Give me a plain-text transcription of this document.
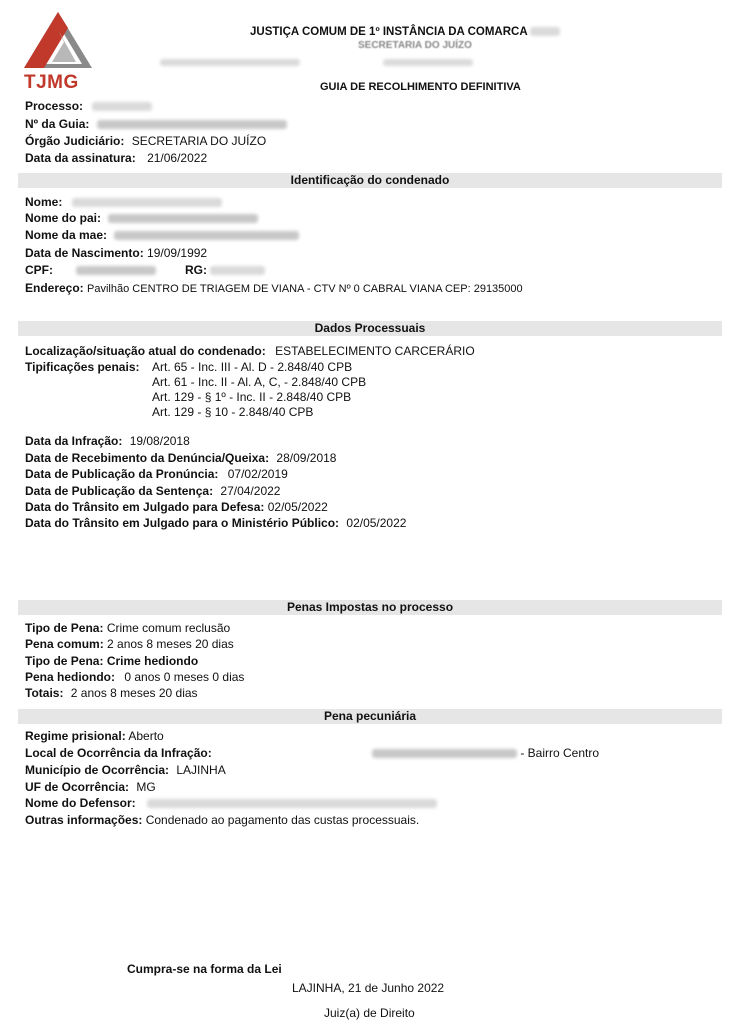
TJMG
JUSTIÇA COMUM DE 1º INSTÂNCIA DA COMARCA
SECRETARIA DO JUÍZO

GUIA DE RECOLHIMENTO DEFINITIVA
Processo:
Nº da Guia:
Órgão Judiciário: SECRETARIA DO JUÍZO
Data da assinatura: 21/06/2022
Identificação do condenado
Nome:
Nome do pai:
Nome da mae:
Data de Nascimento: 19/09/1992
CPF:	RG:
Endereço: Pavilhão CENTRO DE TRIAGEM DE VIANA - CTV Nº 0 CABRAL VIANA CEP: 29135000
Dados Processuais
Localização/situação atual do condenado: ESTABELECIMENTO CARCERÁRIO
Tipificações penais: Art. 65 - Inc. III - Al. D - 2.848/40 CPB
Art. 61 - Inc. II - Al. A, C, - 2.848/40 CPB
Art. 129 - § 1º - Inc. II - 2.848/40 CPB
Art. 129 - § 10 - 2.848/40 CPB
Data da Infração: 19/08/2018
Data de Recebimento da Denúncia/Queixa: 28/09/2018
Data de Publicação da Pronúncia: 07/02/2019
Data de Publicação da Sentença: 27/04/2022
Data do Trânsito em Julgado para Defesa: 02/05/2022
Data do Trânsito em Julgado para o Ministério Público: 02/05/2022
Penas Impostas no processo
Tipo de Pena: Crime comum reclusão
Pena comum: 2 anos 8 meses 20 dias
Tipo de Pena: Crime hediondo
Pena hediondo: 0 anos 0 meses 0 dias
Totais: 2 anos 8 meses 20 dias
Pena pecuniária
Regime prisional: Aberto
Local de Ocorrência da Infração:	- Bairro Centro
Município de Ocorrência: LAJINHA
UF de Ocorrência: MG
Nome do Defensor:
Outras informações: Condenado ao pagamento das custas processuais.
Cumpra-se na forma da Lei
LAJINHA, 21 de Junho 2022
Juiz(a) de Direito
